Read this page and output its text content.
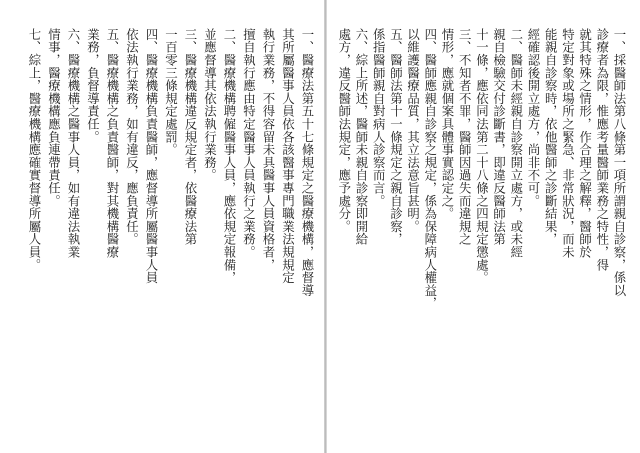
一、採醫師法第八條第一項所謂親自診察，係以
診療者為限，惟應考量醫師業務之特性，得
就其特殊之情形，作合理之解釋，醫師於
特定對象或場所之緊急、非常狀況，而未
能親自診察時，依他醫師之診斷結果，
經確認後開立處方，尚非不可。
二、醫師未經親自診察開立處方，或未經
親自檢驗交付診斷書，即違反醫師法第
十一條，應依同法第二十八條之四規定懲處。
三、不知者不罪，醫師因過失而違規之
情形，應就個案具體事實認定之。
四、醫師應親自診察之規定，係為保障病人權益，
以維護醫療品質，其立法意旨甚明。
五、醫師法第十一條規定之親自診察，
係指醫師親自對病人診察而言。
六、綜上所述，醫師未親自診察即開給
處方，違反醫師法規定，應予處分。
一、醫療法第五十七條規定之醫療機構，應督導
其所屬醫事人員依各該醫事專門職業法規規定
執行業務，不得容留未具醫事人員資格者，
擅自執行應由特定醫事人員執行之業務。
二、醫療機構聘僱醫事人員，應依規定報備，
並應督導其依法執行業務。
三、醫療機構違反規定者，依醫療法第
一百零三條規定處罰。
四、醫療機構負責醫師，應督導所屬醫事人員
依法執行業務，如有違反，應負責任。
五、醫療機構之負責醫師，對其機構醫療
業務，負督導責任。
六、醫療機構之醫事人員，如有違法執業
情事，醫療機構應負連帶責任。
七、綜上，醫療機構應確實督導所屬人員。
